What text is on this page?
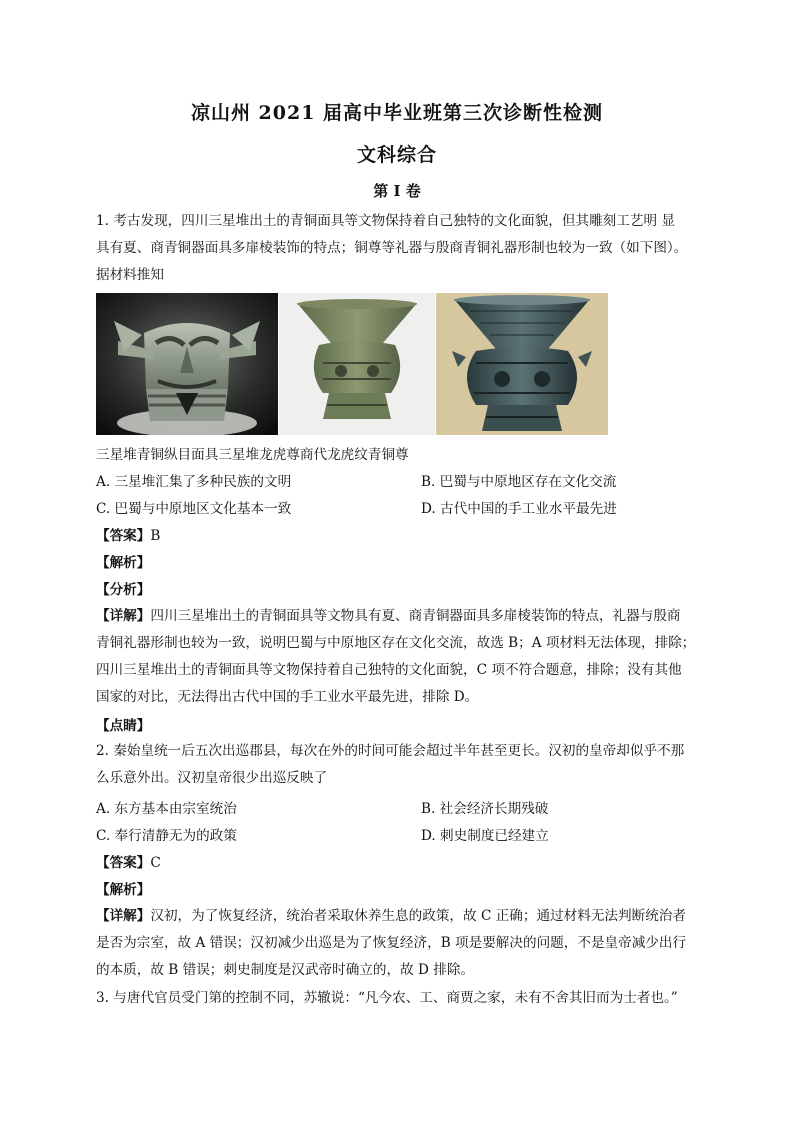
凉山州 2021 届高中毕业班第三次诊断性检测
文科综合
第 I 卷
1. 考古发现，四川三星堆出土的青铜面具等文物保持着自己独特的文化面貌，但其雕刻工艺明 显
具有夏、商青铜器面具多扉棱装饰的特点；铜尊等礼器与殷商青铜礼器形制也较为一致（如下图）。
据材料推知
三星堆青铜纵目面具三星堆龙虎尊商代龙虎纹青铜尊
A. 三星堆汇集了多种民族的文明	B. 巴蜀与中原地区存在文化交流
C. 巴蜀与中原地区文化基本一致	D. 古代中国的手工业水平最先进
【答案】B
【解析】
【分析】
【详解】四川三星堆出土的青铜面具等文物具有夏、商青铜器面具多扉棱装饰的特点，礼器与殷商
青铜礼器形制也较为一致，说明巴蜀与中原地区存在文化交流，故选 B；A 项材料无法体现，排除；
四川三星堆出土的青铜面具等文物保持着自己独特的文化面貌，C 项不符合题意，排除；没有其他
国家的对比，无法得出古代中国的手工业水平最先进，排除 D。
【点睛】
2. 秦始皇统一后五次出巡郡县，每次在外的时间可能会超过半年甚至更长。汉初的皇帝却似乎不那
么乐意外出。汉初皇帝很少出巡反映了
A. 东方基本由宗室统治	B. 社会经济长期残破
C. 奉行清静无为的政策	D. 刺史制度已经建立
【答案】C
【解析】
【详解】汉初，为了恢复经济，统治者采取休养生息的政策，故 C 正确；通过材料无法判断统治者
是否为宗室，故 A 错误；汉初减少出巡是为了恢复经济，B 项是要解决的问题，不是皇帝减少出行
的本质，故 B 错误；刺史制度是汉武帝时确立的，故 D 排除。
3. 与唐代官员受门第的控制不同，苏辙说：“凡今农、工、商贾之家，未有不舍其旧而为士者也。”
